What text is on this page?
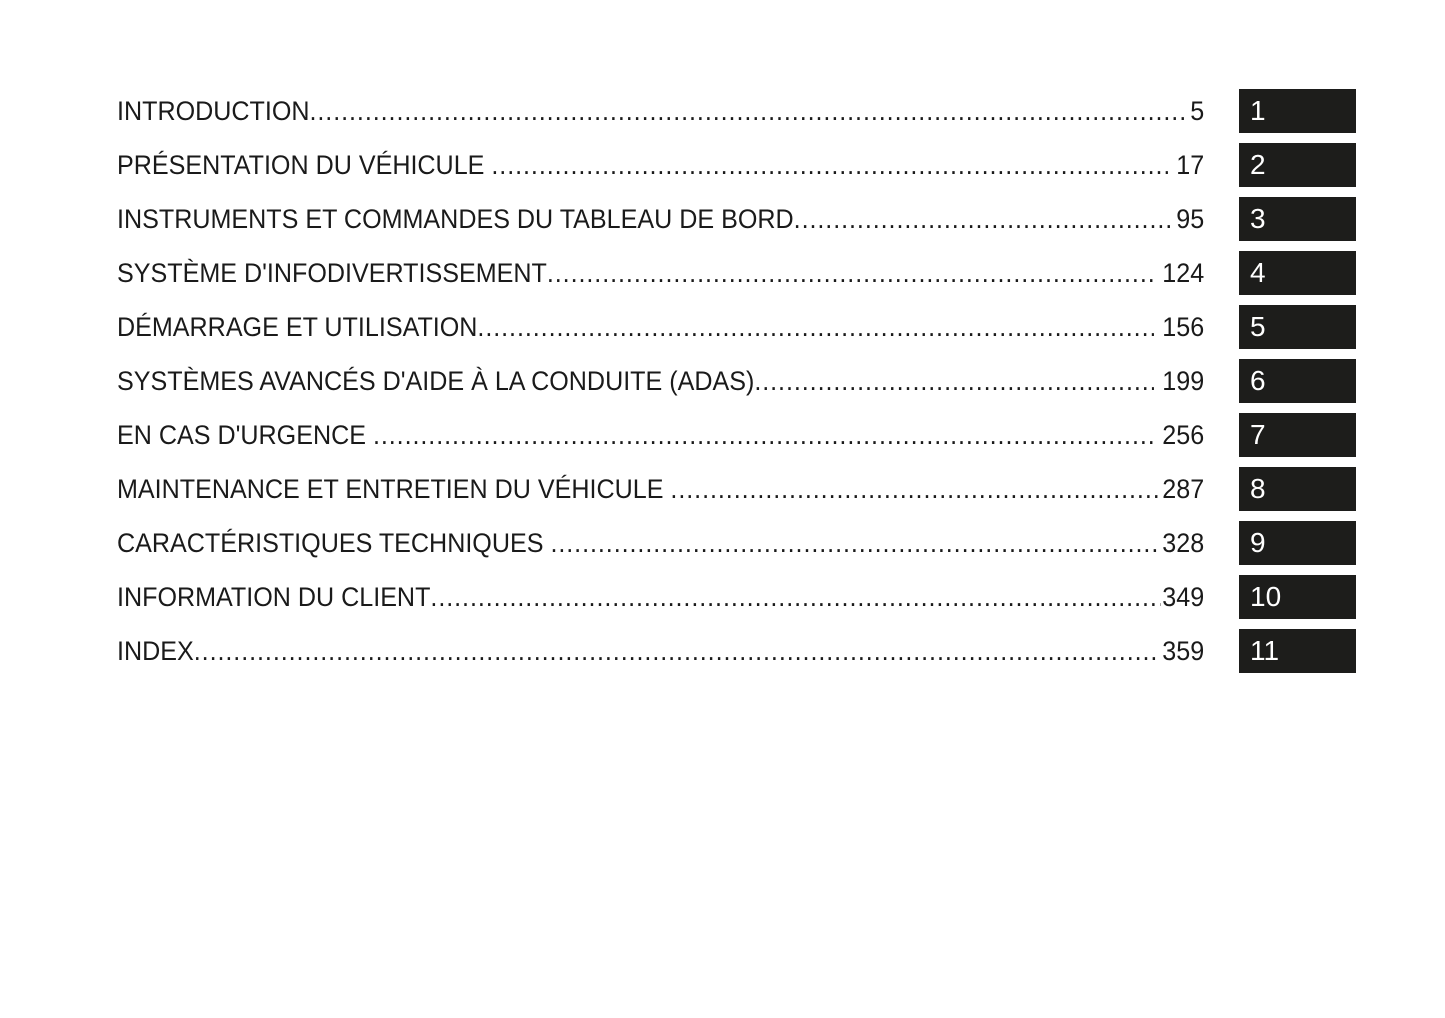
INTRODUCTION .....	5	1
PRÉSENTATION DU VÉHICULE .....	17	2
INSTRUMENTS ET COMMANDES DU TABLEAU DE BORD .....	95	3
SYSTÈME D'INFODIVERTISSEMENT .....	124	4
DÉMARRAGE ET UTILISATION .....	156	5
SYSTÈMES AVANCÉS D'AIDE À LA CONDUITE (ADAS) .....	199	6
EN CAS D'URGENCE .....	256	7
MAINTENANCE ET ENTRETIEN DU VÉHICULE .....	287	8
CARACTÉRISTIQUES TECHNIQUES .....	328	9
INFORMATION DU CLIENT .....	349	10
INDEX .....	359	11
